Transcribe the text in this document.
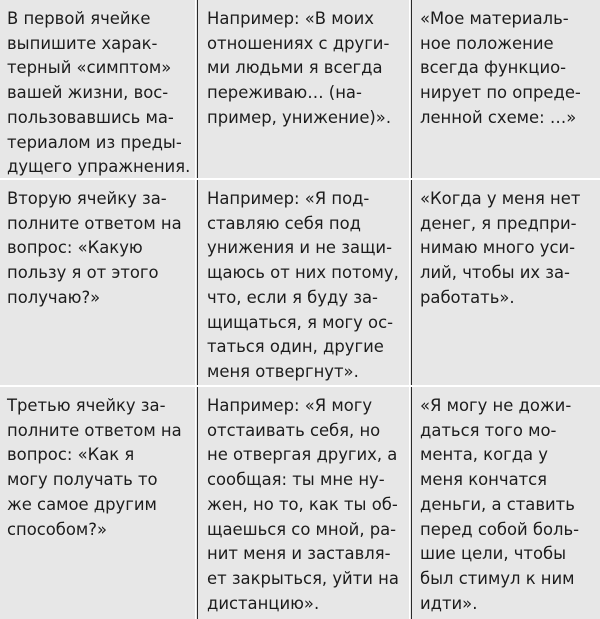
В первой ячейке
выпишите харак-
терный «симптом»
вашей жизни, вос-
пользовавшись ма-
териалом из преды-
дущего упражнения.
Например: «В моих
отношениях с други-
ми людьми я всегда
переживаю… (на-
пример, унижение)».
«Мое материаль-
ное положение
всегда функцио-
нирует по опреде-
ленной схеме: …»
Вторую ячейку за-
полните ответом на
вопрос: «Какую
пользу я от этого
получаю?»
Например: «Я под-
ставляю себя под
унижения и не защи-
щаюсь от них потому,
что, если я буду за-
щищаться, я могу ос-
таться один, другие
меня отвергнут».
«Когда у меня нет
денег, я предпри-
нимаю много уси-
лий, чтобы их за-
работать».
Третью ячейку за-
полните ответом на
вопрос: «Как я
могу получать то
же самое другим
способом?»
Например: «Я могу
отстаивать себя, но
не отвергая других, а
сообщая: ты мне ну-
жен, но то, как ты об-
щаешься со мной, ра-
нит меня и заставля-
ет закрыться, уйти на
дистанцию».
«Я могу не дожи-
даться того мо-
мента, когда у
меня кончатся
деньги, а ставить
перед собой боль-
шие цели, чтобы
был стимул к ним
идти».
